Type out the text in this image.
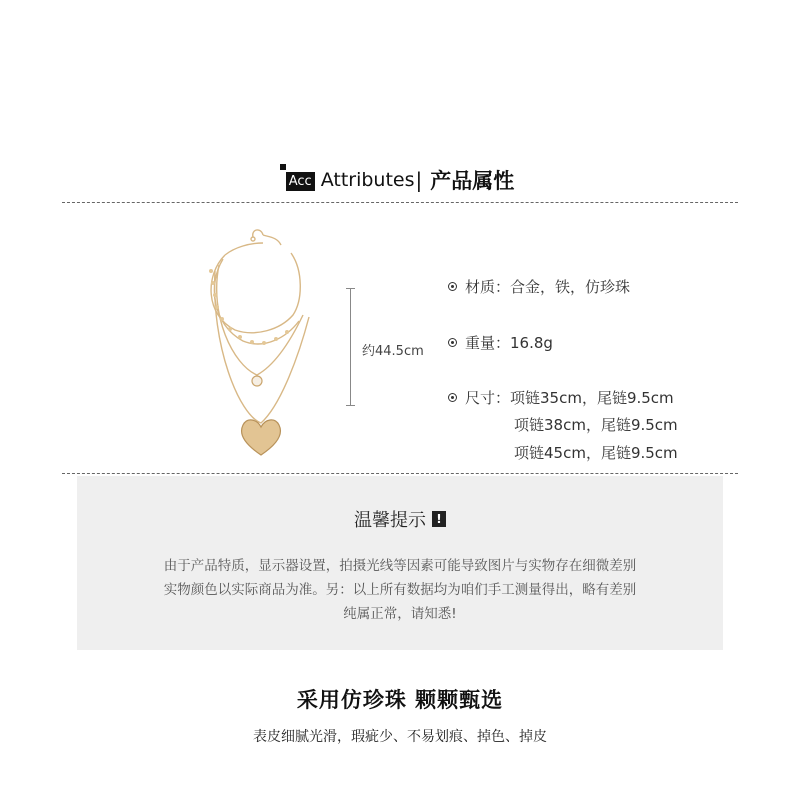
Acc Attributes | 产品属性
约44.5cm
材质：合金，铁，仿珍珠
重量：16.8g
尺寸：项链35cm，尾链9.5cm
项链38cm，尾链9.5cm
项链45cm，尾链9.5cm
温馨提示 !
由于产品特质，显示器设置，拍摄光线等因素可能导致图片与实物存在细微差别
实物颜色以实际商品为准。另：以上所有数据均为咱们手工测量得出，略有差别
纯属正常，请知悉!
采用仿珍珠 颗颗甄选
表皮细腻光滑，瑕疵少、不易划痕、掉色、掉皮
